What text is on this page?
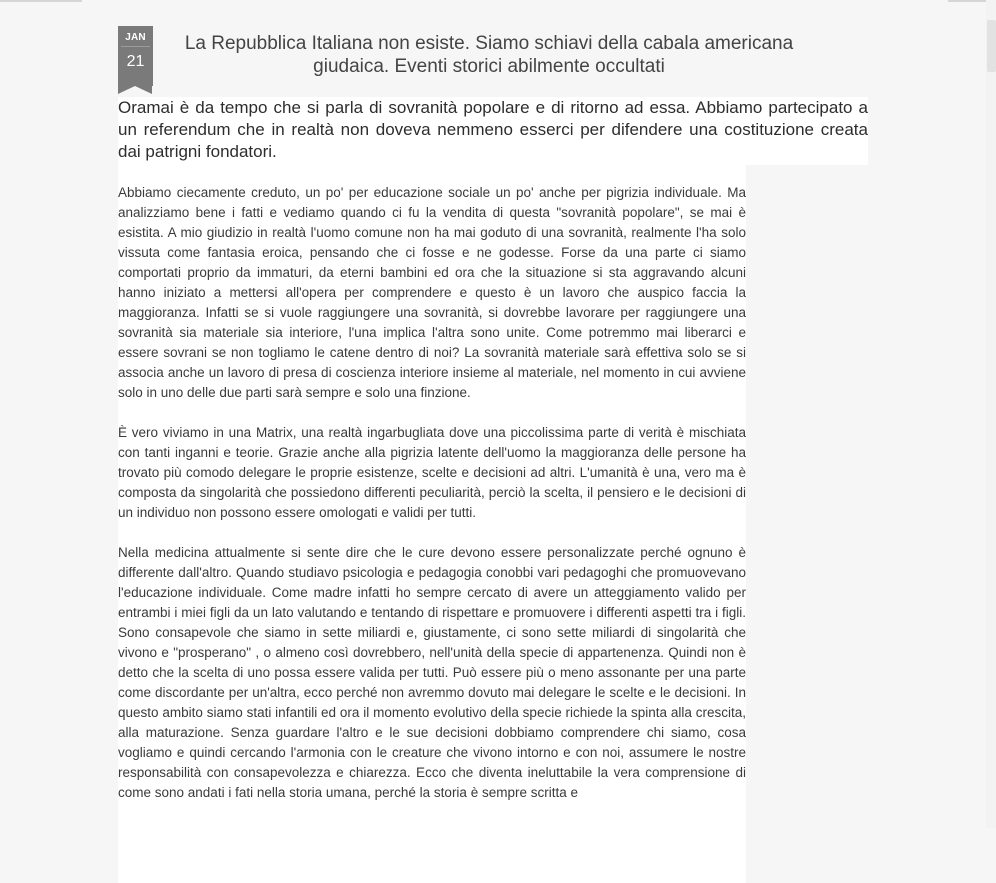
JAN
21
La Repubblica Italiana non esiste. Siamo schiavi della cabala americana giudaica. Eventi storici abilmente occultati
Oramai è da tempo che si parla di sovranità popolare e di ritorno ad essa. Abbiamo partecipato a un referendum che in realtà non doveva nemmeno esserci per difendere una costituzione creata dai patrigni fondatori.

Abbiamo ciecamente creduto, un po' per educazione sociale un po' anche per pigrizia individuale. Ma analizziamo bene i fatti e vediamo quando ci fu la vendita di questa "sovranità popolare", se mai è esistita. A mio giudizio in realtà l'uomo comune non ha mai goduto di una sovranità, realmente l'ha solo vissuta come fantasia eroica, pensando che ci fosse e ne godesse. Forse da una parte ci siamo comportati proprio da immaturi, da eterni bambini ed ora che la situazione si sta aggravando alcuni hanno iniziato a mettersi all'opera per comprendere e questo è un lavoro che auspico faccia la maggioranza. Infatti se si vuole raggiungere una sovranità, si dovrebbe lavorare per raggiungere una sovranità sia materiale sia interiore, l'una implica l'altra sono unite. Come potremmo mai liberarci e essere sovrani se non togliamo le catene dentro di noi? La sovranità materiale sarà effettiva solo se si associa anche un lavoro di presa di coscienza interiore insieme al materiale, nel momento in cui avviene solo in uno delle due parti sarà sempre e solo una finzione.

È vero viviamo in una Matrix, una realtà ingarbugliata dove una piccolissima parte di verità è mischiata con tanti inganni e teorie. Grazie anche alla pigrizia latente dell'uomo la maggioranza delle persone ha trovato più comodo delegare le proprie esistenze, scelte e decisioni ad altri. L'umanità è una, vero ma è composta da singolarità che possiedono differenti peculiarità, perciò la scelta, il pensiero e le decisioni di un individuo non possono essere omologati e validi per tutti.

Nella medicina attualmente si sente dire che le cure devono essere personalizzate perché ognuno è differente dall'altro. Quando studiavo psicologia e pedagogia conobbi vari pedagoghi che promuovevano l'educazione individuale. Come madre infatti ho sempre cercato di avere un atteggiamento valido per entrambi i miei figli da un lato valutando e tentando di rispettare e promuovere i differenti aspetti tra i figli. Sono consapevole che siamo in sette miliardi e, giustamente, ci sono sette miliardi di singolarità che vivono e "prosperano" , o almeno così dovrebbero, nell'unità della specie di appartenenza. Quindi non è detto che la scelta di uno possa essere valida per tutti. Può essere più o meno assonante per una parte come discordante per un'altra, ecco perché non avremmo dovuto mai delegare le scelte e le decisioni. In questo ambito siamo stati infantili ed ora il momento evolutivo della specie richiede la spinta alla crescita, alla maturazione. Senza guardare l'altro e le sue decisioni dobbiamo comprendere chi siamo, cosa vogliamo e quindi cercando l'armonia con le creature che vivono intorno e con noi, assumere le nostre responsabilità con consapevolezza e chiarezza. Ecco che diventa ineluttabile la vera comprensione di come sono andati i fati nella storia umana, perché la storia è sempre scritta e
